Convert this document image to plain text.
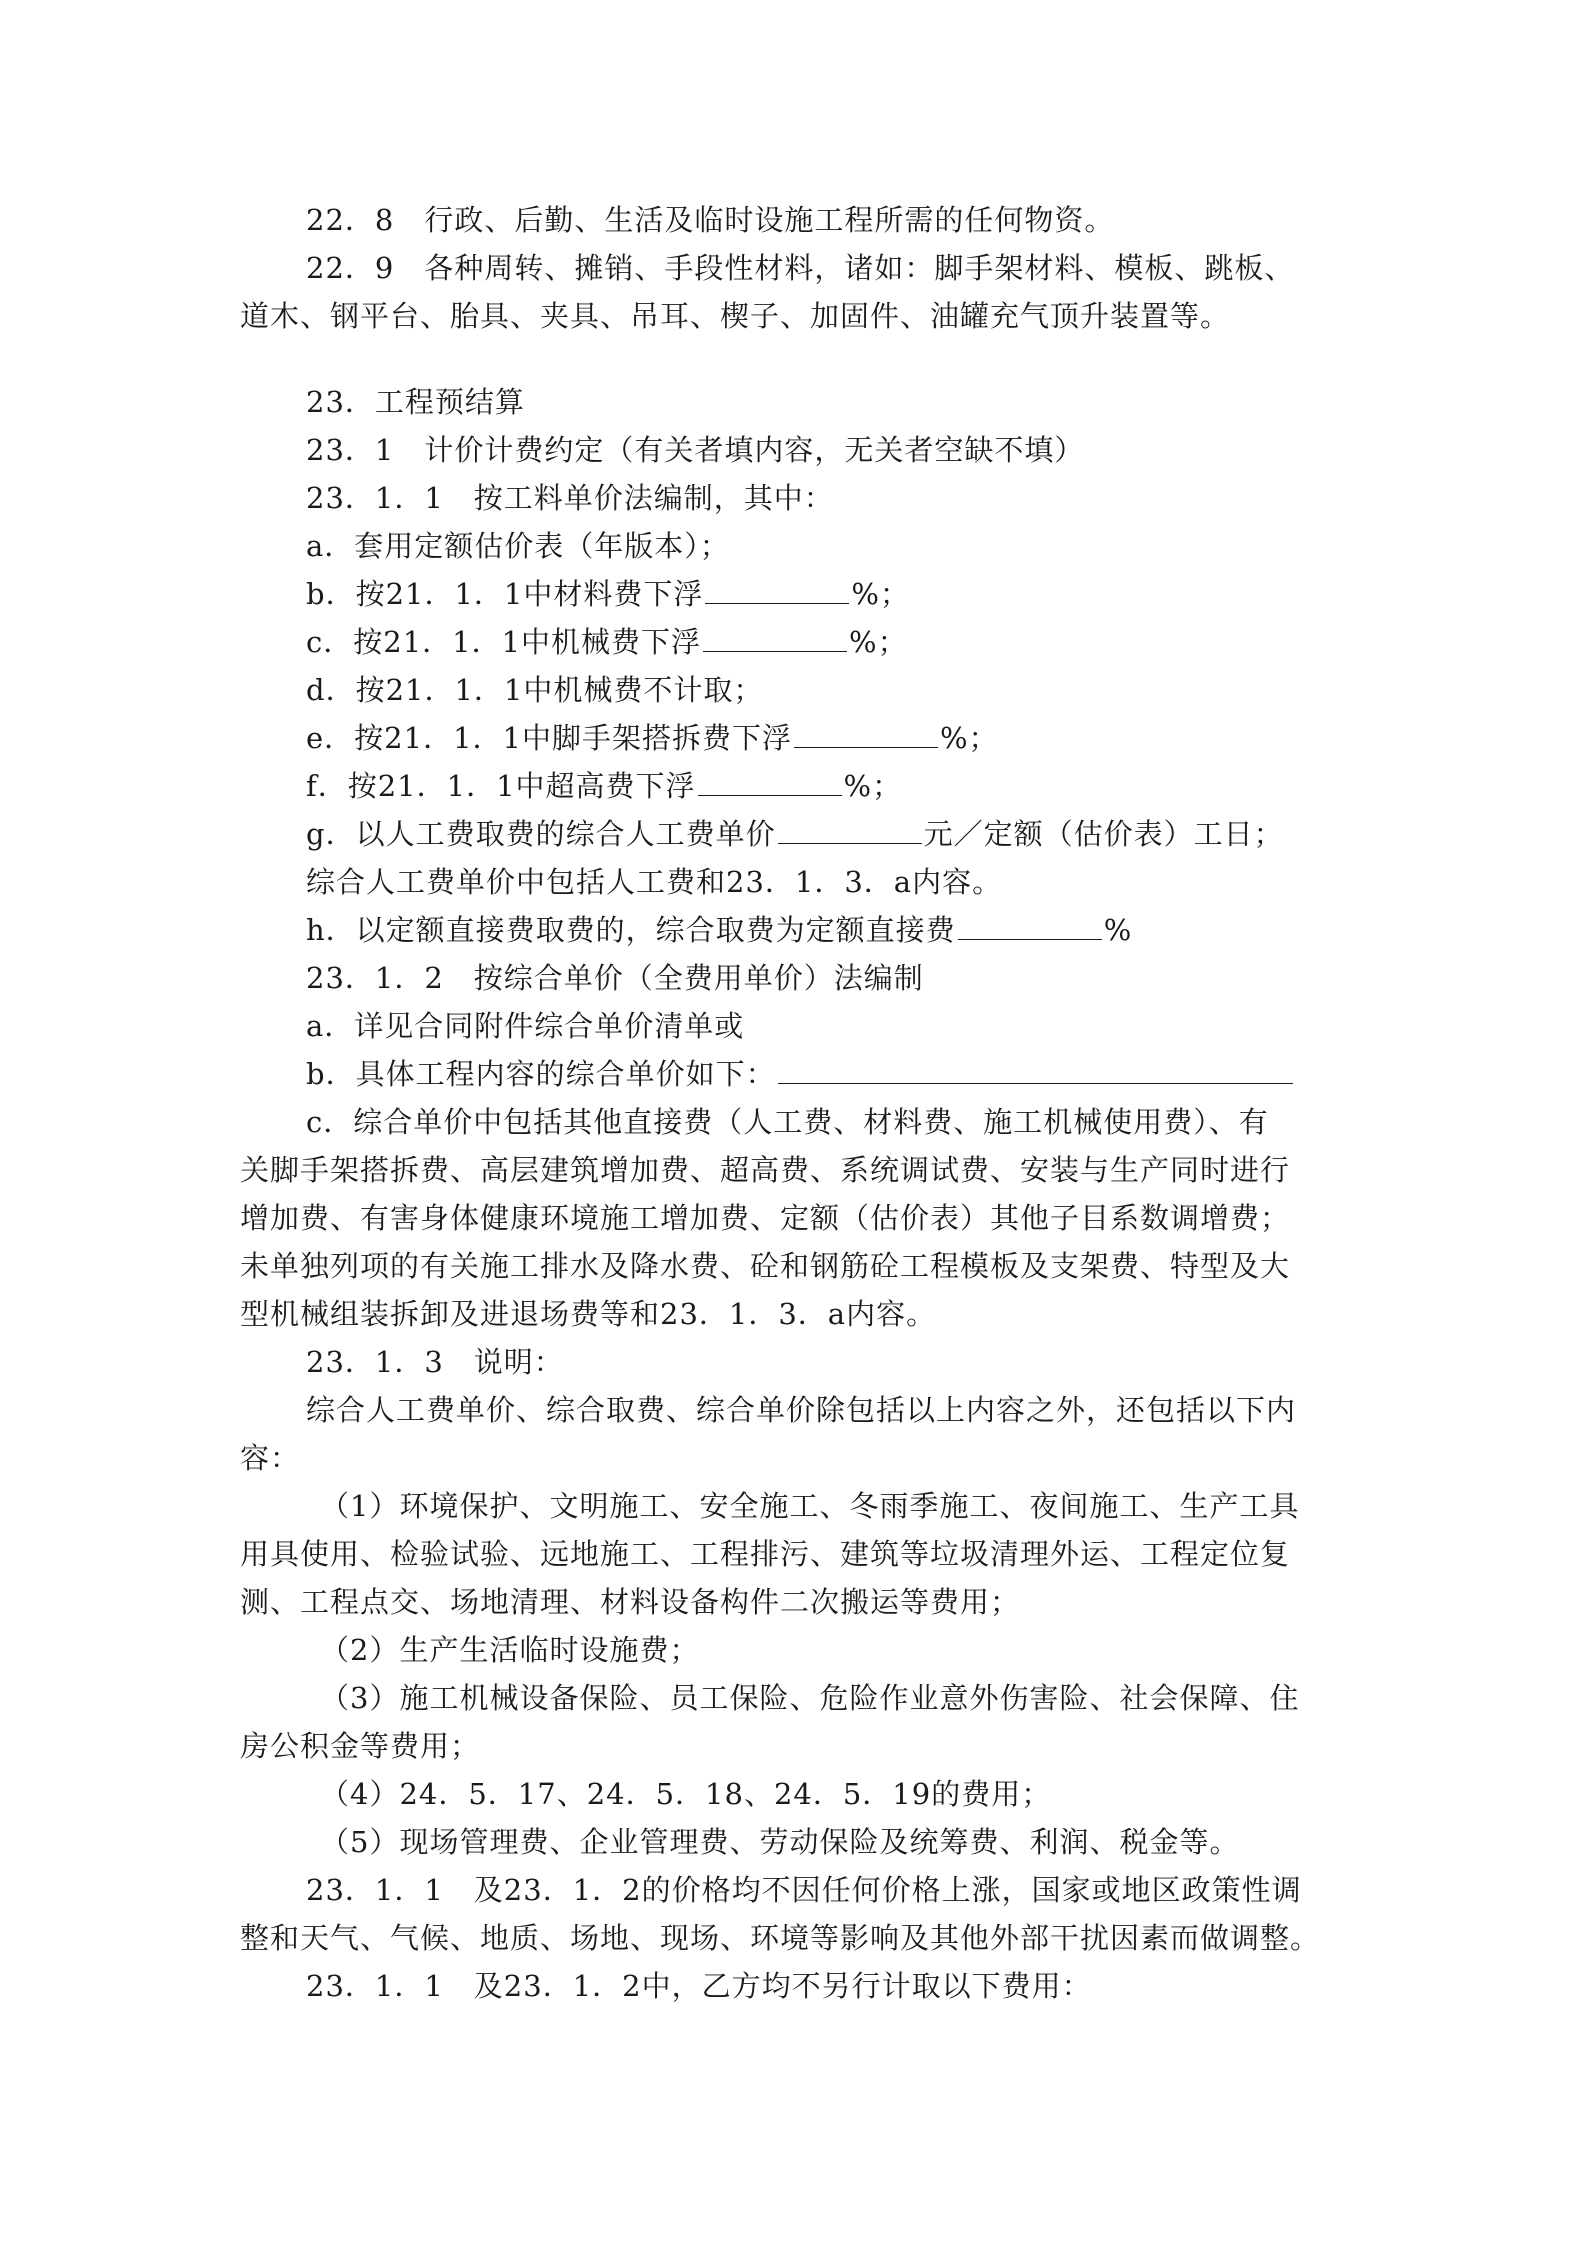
22．8　行政、后勤、生活及临时设施工程所需的任何物资。
22．9　各种周转、摊销、手段性材料，诸如：脚手架材料、模板、跳板、
道木、钢平台、胎具、夹具、吊耳、楔子、加固件、油罐充气顶升装置等。
23．工程预结算
23．1　计价计费约定（有关者填内容，无关者空缺不填）
23．1．1　按工料单价法编制，其中：
a．套用定额估价表（年版本）；
b．按21．1．1中材料费下浮	%；
c．按21．1．1中机械费下浮	%；
d．按21．1．1中机械费不计取；
e．按21．1．1中脚手架搭拆费下浮	%；
f．按21．1．1中超高费下浮	%；
g．以人工费取费的综合人工费单价	元／定额（估价表）工日；
综合人工费单价中包括人工费和23．1．3．a内容。
h．以定额直接费取费的，综合取费为定额直接费	%
23．1．2　按综合单价（全费用单价）法编制
a．详见合同附件综合单价清单或
b．具体工程内容的综合单价如下：
c．综合单价中包括其他直接费（人工费、材料费、施工机械使用费）、有
关脚手架搭拆费、高层建筑增加费、超高费、系统调试费、安装与生产同时进行
增加费、有害身体健康环境施工增加费、定额（估价表）其他子目系数调增费；
未单独列项的有关施工排水及降水费、砼和钢筋砼工程模板及支架费、特型及大
型机械组装拆卸及进退场费等和23．1．3．a内容。
23．1．3　说明：
综合人工费单价、综合取费、综合单价除包括以上内容之外，还包括以下内
容：
（1）环境保护、文明施工、安全施工、冬雨季施工、夜间施工、生产工具
用具使用、检验试验、远地施工、工程排污、建筑等垃圾清理外运、工程定位复
测、工程点交、场地清理、材料设备构件二次搬运等费用；
（2）生产生活临时设施费；
（3）施工机械设备保险、员工保险、危险作业意外伤害险、社会保障、住
房公积金等费用；
（4）24．5．17、24．5．18、24．5．19的费用；
（5）现场管理费、企业管理费、劳动保险及统筹费、利润、税金等。
23．1．1　及23．1．2的价格均不因任何价格上涨，国家或地区政策性调
整和天气、气候、地质、场地、现场、环境等影响及其他外部干扰因素而做调整。
23．1．1　及23．1．2中，乙方均不另行计取以下费用：
